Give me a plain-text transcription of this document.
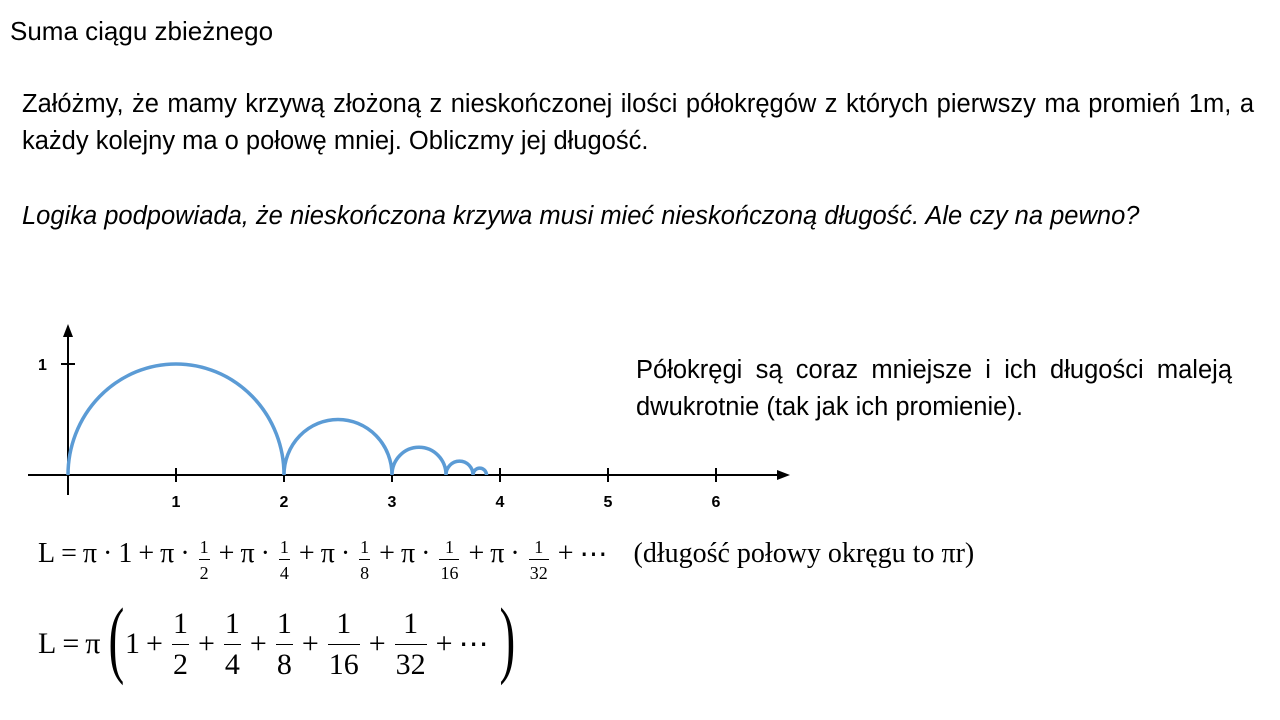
Suma ciągu zbieżnego
Załóżmy, że mamy krzywą złożoną z nieskończonej ilości półokręgów z których pierwszy ma promień 1m, a każdy kolejny ma o połowę mniej. Obliczmy jej długość.
Logika podpowiada, że nieskończona krzywa musi mieć nieskończoną długość. Ale czy na pewno?
1
1	2	3	4	5	6
Półokręgi są coraz mniejsze i ich długości maleją dwukrotnie (tak jak ich promienie).
$L = \pi \cdot 1 + \pi \cdot \frac{1}{2} + \pi \cdot \frac{1}{4} + \pi \cdot \frac{1}{8} + \pi \cdot \frac{1}{16} + \pi \cdot \frac{1}{32}$ + ⋯ (długość połowy okręgu to πr)
L = π ( $1 + \frac{1}{2} + \frac{1}{4} + \frac{1}{8} + \frac{1}{16} + \frac{1}{32}$ + ⋯ )
